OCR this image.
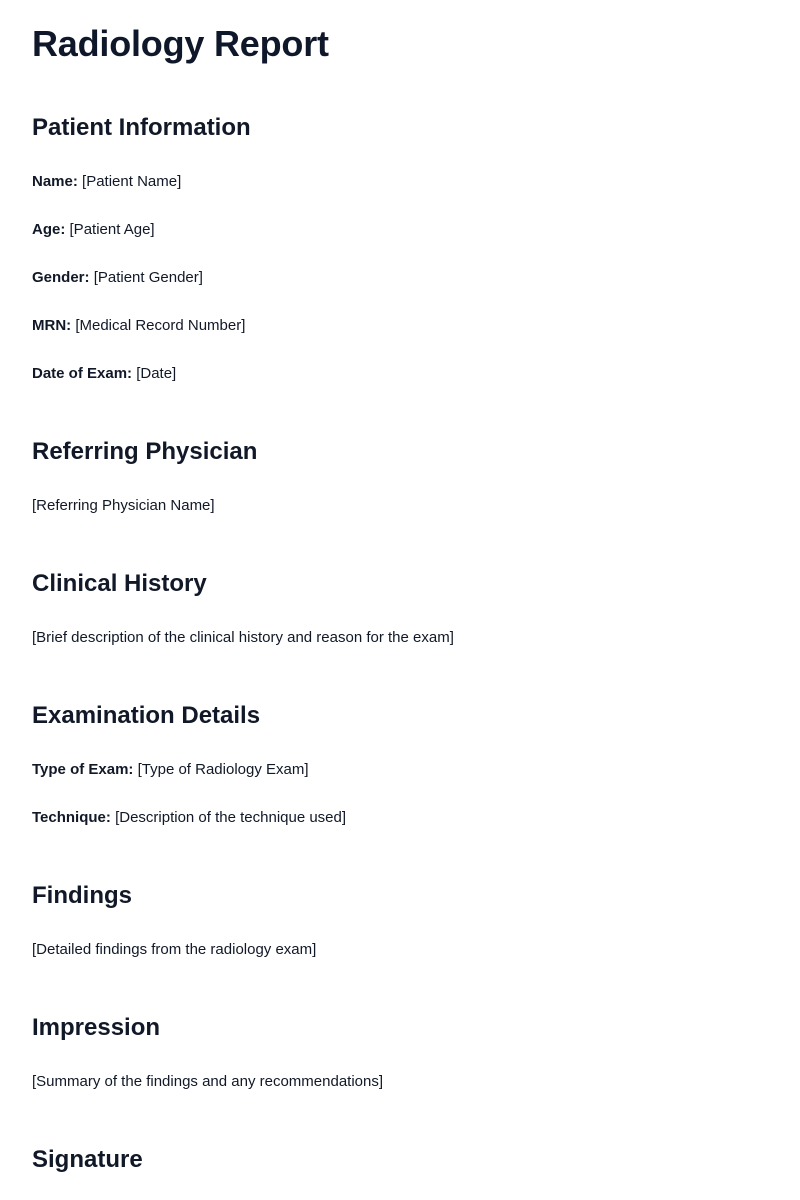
Radiology Report
Patient Information

Name: [Patient Name]

Age: [Patient Age]

Gender: [Patient Gender]

MRN: [Medical Record Number]

Date of Exam: [Date]

Referring Physician

[Referring Physician Name]

Clinical History

[Brief description of the clinical history and reason for the exam]

Examination Details

Type of Exam: [Type of Radiology Exam]

Technique: [Description of the technique used]

Findings

[Detailed findings from the radiology exam]

Impression

[Summary of the findings and any recommendations]

Signature
